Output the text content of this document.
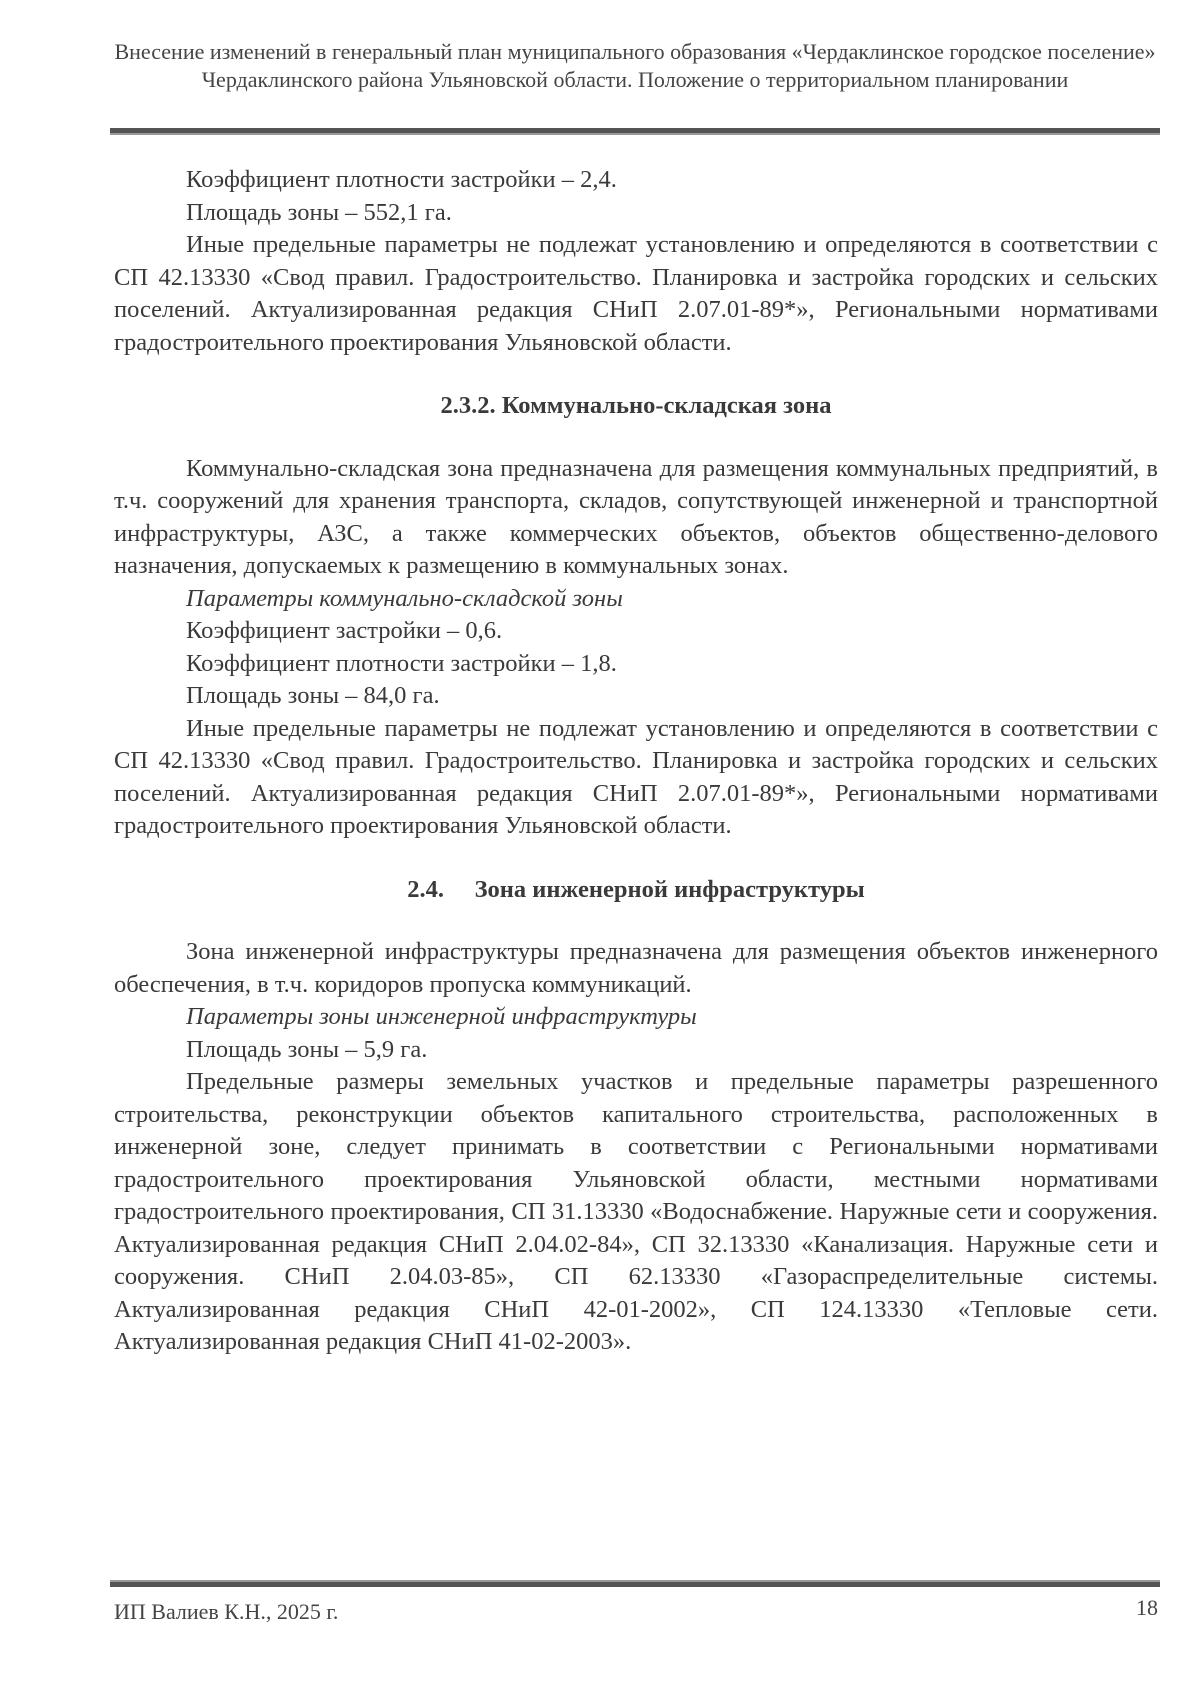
Внесение изменений в генеральный план муниципального образования «Чердаклинское городское поселение» Чердаклинского района Ульяновской области. Положение о территориальном планировании

Коэффициент плотности застройки – 2,4.

Площадь зоны – 552,1 га.

Иные предельные параметры не подлежат установлению и определяются в соответствии с СП 42.13330 «Свод правил. Градостроительство. Планировка и застройка городских и сельских поселений. Актуализированная редакция СНиП 2.07.01-89*», Региональными нормативами градостроительного проектирования Ульяновской области.

2.3.2. Коммунально-складская зона

Коммунально-складская зона предназначена для размещения коммунальных предприятий, в т.ч. сооружений для хранения транспорта, складов, сопутствующей инженерной и транспортной инфраструктуры, АЗС, а также коммерческих объектов, объектов общественно-делового назначения, допускаемых к размещению в коммунальных зонах.

Параметры коммунально-складской зоны

Коэффициент застройки – 0,6.

Коэффициент плотности застройки – 1,8.

Площадь зоны – 84,0 га.

Иные предельные параметры не подлежат установлению и определяются в соответствии с СП 42.13330 «Свод правил. Градостроительство. Планировка и застройка городских и сельских поселений. Актуализированная редакция СНиП 2.07.01-89*», Региональными нормативами градостроительного проектирования Ульяновской области.

2.4.     Зона инженерной инфраструктуры

Зона инженерной инфраструктуры предназначена для размещения объектов инженерного обеспечения, в т.ч. коридоров пропуска коммуникаций.

Параметры зоны инженерной инфраструктуры

Площадь зоны – 5,9 га.

Предельные размеры земельных участков и предельные параметры разрешенного строительства, реконструкции объектов капитального строительства, расположенных в инженерной зоне, следует принимать в соответствии с Региональными нормативами градостроительного проектирования Ульяновской области, местными нормативами градостроительного проектирования, СП 31.13330 «Водоснабжение. Наружные сети и сооружения. Актуализированная редакция СНиП 2.04.02-84», СП 32.13330 «Канализация. Наружные сети и сооружения. СНиП 2.04.03-85», СП 62.13330 «Газораспределительные системы. Актуализированная редакция СНиП 42-01-2002», СП 124.13330 «Тепловые сети. Актуализированная редакция СНиП 41-02-2003».

ИП Валиев К.Н., 2025 г.	18
